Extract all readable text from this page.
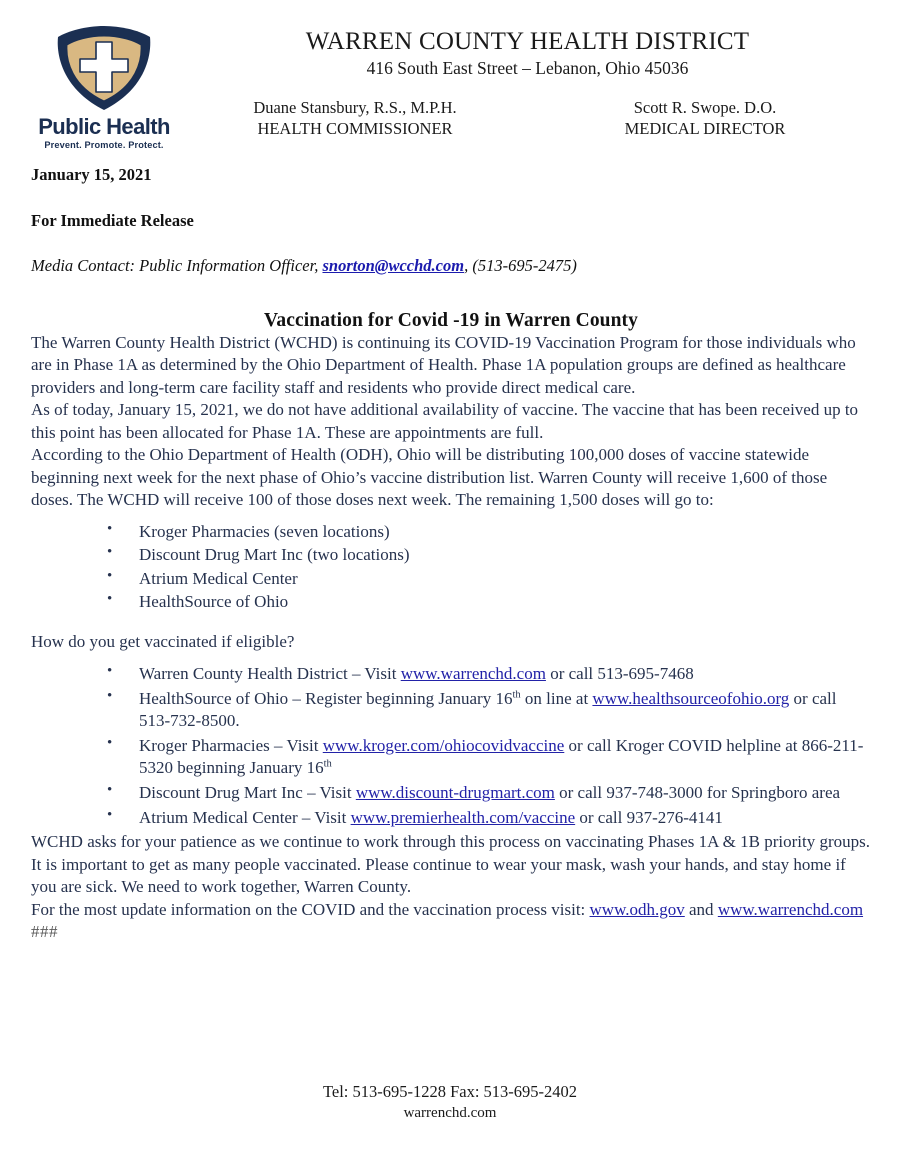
Public Health
Prevent. Promote. Protect.
WARREN COUNTY HEALTH DISTRICT
416 South East Street – Lebanon, Ohio 45036
Duane Stansbury, R.S., M.P.H.
HEALTH COMMISSIONER
Scott R. Swope. D.O.
MEDICAL DIRECTOR
January 15, 2021
For Immediate Release
Media Contact: Public Information Officer, snorton@wcchd.com, (513-695-2475)
Vaccination for Covid -19 in Warren County

The Warren County Health District (WCHD) is continuing its COVID-19 Vaccination Program for those individuals who are in Phase 1A as determined by the Ohio Department of Health. Phase 1A population groups are defined as healthcare providers and long-term care facility staff and residents who provide direct medical care.

As of today, January 15, 2021, we do not have additional availability of vaccine. The vaccine that has been received up to this point has been allocated for Phase 1A. These are appointments are full.

According to the Ohio Department of Health (ODH), Ohio will be distributing 100,000 doses of vaccine statewide beginning next week for the next phase of Ohio’s vaccine distribution list. Warren County will receive 1,600 of those doses. The WCHD will receive 100 of those doses next week. The remaining 1,500 doses will go to:

• Kroger Pharmacies (seven locations)
• Discount Drug Mart Inc (two locations)
• Atrium Medical Center
• HealthSource of Ohio
How do you get vaccinated if eligible?
• Warren County Health District – Visit www.warrenchd.com or call 513-695-7468
• HealthSource of Ohio – Register beginning January 16th on line at www.healthsourceofohio.org or call 513-732-8500.
• Kroger Pharmacies – Visit www.kroger.com/ohiocovidvaccine or call Kroger COVID helpline at 866-211-5320 beginning January 16th
• Discount Drug Mart Inc – Visit www.discount-drugmart.com or call 937-748-3000 for Springboro area
• Atrium Medical Center – Visit www.premierhealth.com/vaccine or call 937-276-4141

WCHD asks for your patience as we continue to work through this process on vaccinating Phases 1A & 1B priority groups. It is important to get as many people vaccinated. Please continue to wear your mask, wash your hands, and stay home if you are sick. We need to work together, Warren County.

For the most update information on the COVID and the vaccination process visit: www.odh.gov and www.warrenchd.com

###
Tel: 513-695-1228 Fax: 513-695-2402
warrenchd.com
